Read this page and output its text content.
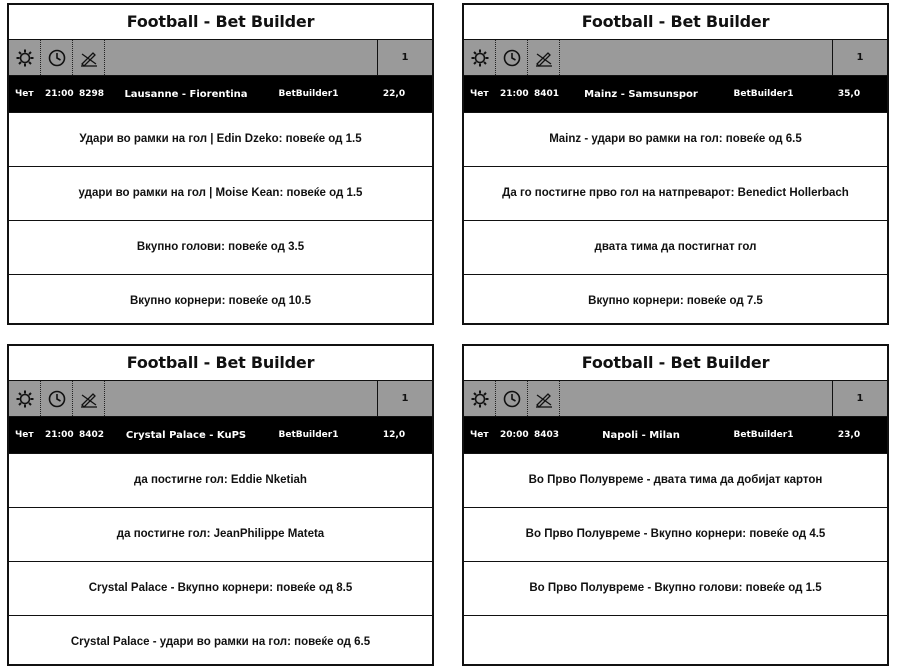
Football - Bet Builder
1
Чет	21:00 8298	Lausanne - Fiorentina	BetBuilder1	22,0
Удари во рамки на гол | Edin Dzeko: повеќе од 1.5
удари во рамки на гол | Moise Kean: повеќе од 1.5
Вкупно голови: повеќе од 3.5
Вкупно корнери: повеќе од 10.5
Football - Bet Builder
1
Чет	21:00 8401	Mainz - Samsunspor	BetBuilder1	35,0
Mainz - удари во рамки на гол: повеќе од 6.5
Да го постигне прво гол на натпреварот: Benedict Hollerbach
двата тима да постигнат гол
Вкупно корнери: повеќе од 7.5
Football - Bet Builder
1
Чет	21:00 8402	Crystal Palace - KuPS	BetBuilder1	12,0
да постигне гол: Eddie Nketiah
да постигне гол: JeanPhilippe Mateta
Crystal Palace - Вкупно корнери: повеќе од 8.5
Crystal Palace - удари во рамки на гол: повеќе од 6.5
Football - Bet Builder
1
Чет	20:00 8403	Napoli - Milan	BetBuilder1	23,0
Во Прво Полувреме - двата тима да добијат картон
Во Прво Полувреме - Вкупно корнери: повеќе од 4.5
Во Прво Полувреме - Вкупно голови: повеќе од 1.5
